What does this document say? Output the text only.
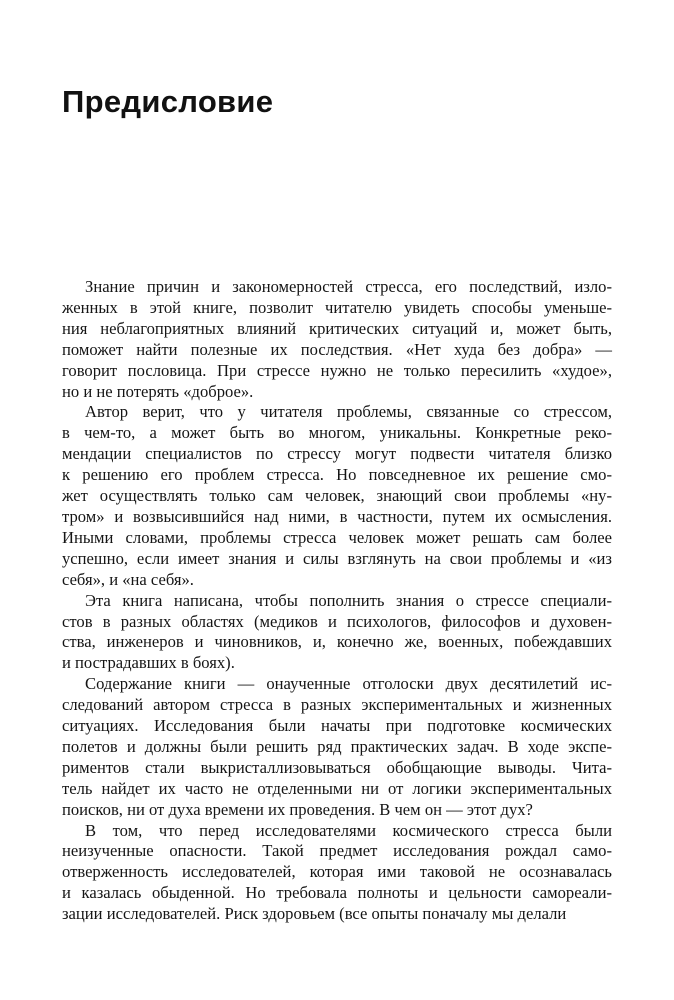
Предисловие
Знание причин и закономерностей стресса, его последствий, изло-
женных в этой книге, позволит читателю увидеть способы уменьше-
ния неблагоприятных влияний критических ситуаций и, может быть,
поможет найти полезные их последствия. «Нет худа без добра» —
говорит пословица. При стрессе нужно не только пересилить «худое»,
но и не потерять «доброе».
Автор верит, что у читателя проблемы, связанные со стрессом,
в чем-то, а может быть во многом, уникальны. Конкретные реко-
мендации специалистов по стрессу могут подвести читателя близко
к решению его проблем стресса. Но повседневное их решение смо-
жет осуществлять только сам человек, знающий свои проблемы «ну-
тром» и возвысившийся над ними, в частности, путем их осмысления.
Иными словами, проблемы стресса человек может решать сам более
успешно, если имеет знания и силы взглянуть на свои проблемы и «из
себя», и «на себя».
Эта книга написана, чтобы пополнить знания о стрессе специали-
стов в разных областях (медиков и психологов, философов и духовен-
ства, инженеров и чиновников, и, конечно же, военных, побеждавших
и пострадавших в боях).
Содержание книги — онаученные отголоски двух десятилетий ис-
следований автором стресса в разных экспериментальных и жизненных
ситуациях. Исследования были начаты при подготовке космических
полетов и должны были решить ряд практических задач. В ходе экспе-
риментов стали выкристаллизовываться обобщающие выводы. Чита-
тель найдет их часто не отделенными ни от логики экспериментальных
поисков, ни от духа времени их проведения. В чем он — этот дух?
В том, что перед исследователями космического стресса были
неизученные опасности. Такой предмет исследования рождал само-
отверженность исследователей, которая ими таковой не осознавалась
и казалась обыденной. Но требовала полноты и цельности самореали-
зации исследователей. Риск здоровьем (все опыты поначалу мы делали
